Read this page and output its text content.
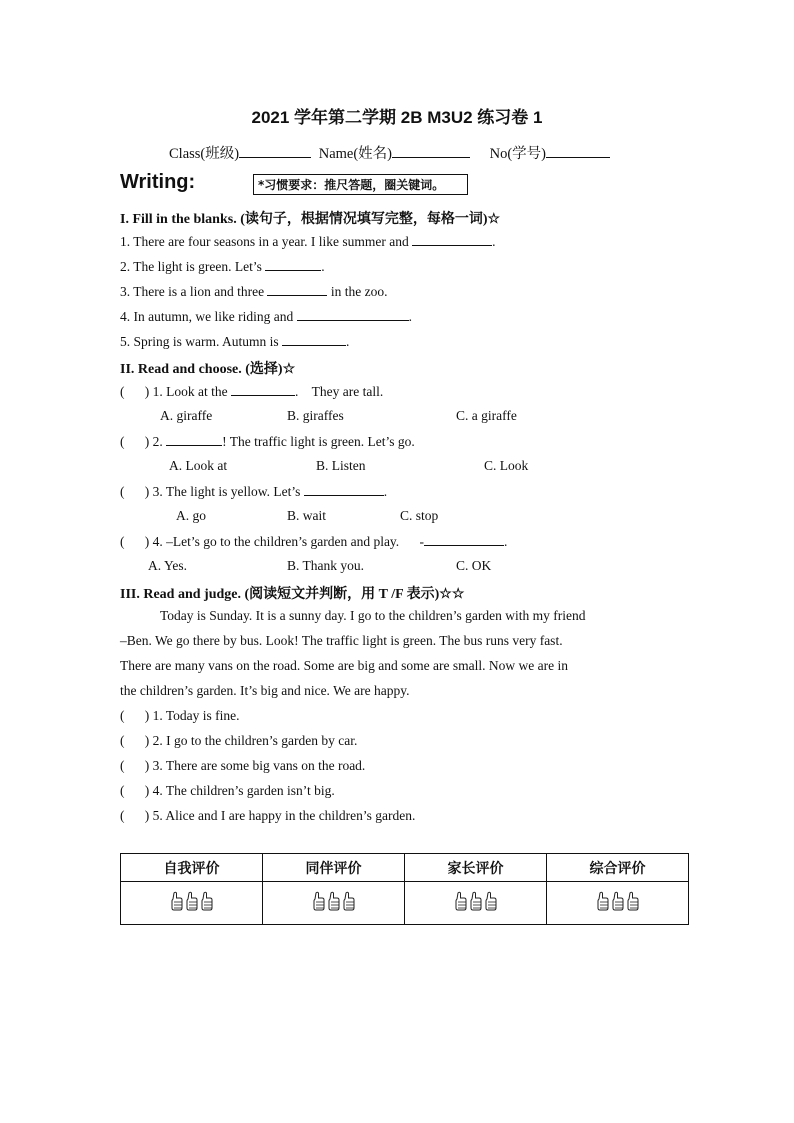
2021 学年第二学期 2B M3U2 练习卷 1
Class(班级)	Name(姓名)	No(学号)
Writing:	*习惯要求：推尺答题，圈关键词。
I. Fill in the blanks. (读句子，根据情况填写完整，每格一词)☆
1. There are four seasons in a year. I like summer and	.
2. The light is green. Let’s	.
3. There is a lion and three	in the zoo.
4. In autumn, we like riding and	.
5. Spring is warm. Autumn is	.
II. Read and choose. (选择)☆
(      ) 1. Look at the	.    They are tall.
A. giraffe	B. giraffes	C. a giraffe
(      ) 2.	! The traffic light is green. Let’s go.
A. Look at	B. Listen	C. Look
(      ) 3. The light is yellow. Let’s	.
A. go	B. wait	C. stop
(      ) 4. –Let’s go to the children’s garden and play. -	.
A. Yes.	B. Thank you.	C. OK
III. Read and judge. (阅读短文并判断，用 T /F 表示)☆☆
Today is Sunday. It is a sunny day. I go to the children’s garden with my friend
–Ben. We go there by bus. Look! The traffic light is green. The bus runs very fast.
There are many vans on the road. Some are big and some are small. Now we are in
the children’s garden. It’s big and nice. We are happy.
(      ) 1. Today is fine.
(      ) 2. I go to the children’s garden by car.
(      ) 3. There are some big vans on the road.
(      ) 4. The children’s garden isn’t big.
(      ) 5. Alice and I are happy in the children’s garden.
自我评价	同伴评价	家长评价	综合评价
